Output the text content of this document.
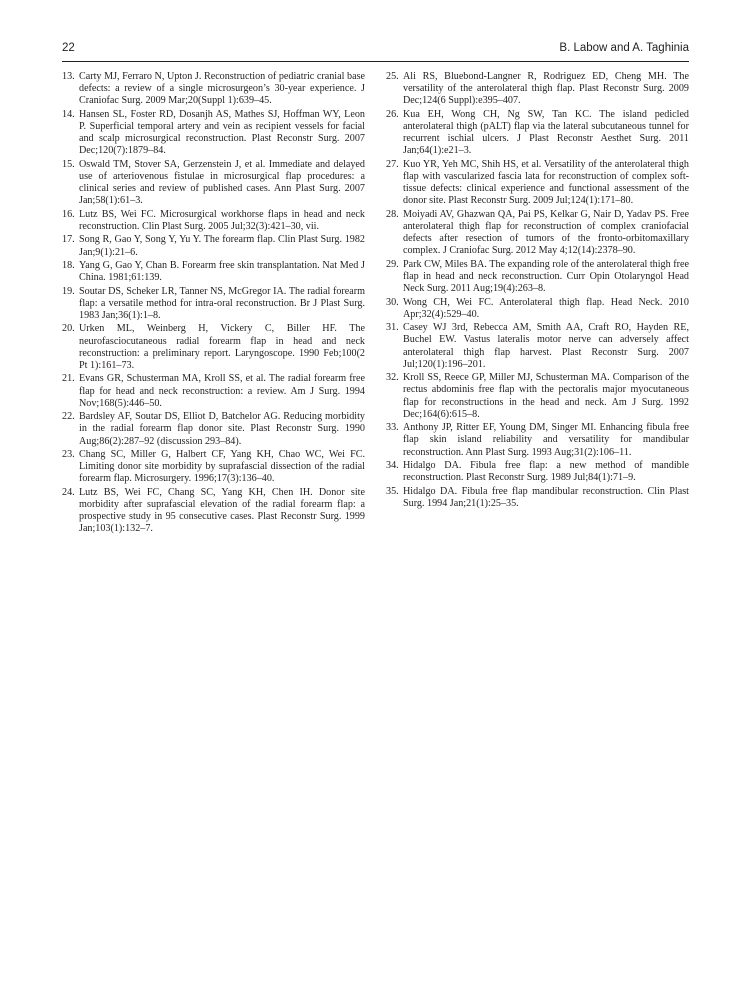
22	B. Labow and A. Taghinia
13. Carty MJ, Ferraro N, Upton J. Reconstruction of pediatric cranial base defects: a review of a single microsurgeon’s 30-year experience. J Craniofac Surg. 2009 Mar;20(Suppl 1):639–45.
14. Hansen SL, Foster RD, Dosanjh AS, Mathes SJ, Hoffman WY, Leon P. Superficial temporal artery and vein as recipient vessels for facial and scalp microsurgical reconstruction. Plast Reconstr Surg. 2007 Dec;120(7):1879–84.
15. Oswald TM, Stover SA, Gerzenstein J, et al. Immediate and delayed use of arteriovenous fistulae in microsurgical flap procedures: a clinical series and review of published cases. Ann Plast Surg. 2007 Jan;58(1):61–3.
16. Lutz BS, Wei FC. Microsurgical workhorse flaps in head and neck reconstruction. Clin Plast Surg. 2005 Jul;32(3):421–30, vii.
17. Song R, Gao Y, Song Y, Yu Y. The forearm flap. Clin Plast Surg. 1982 Jan;9(1):21–6.
18. Yang G, Gao Y, Chan B. Forearm free skin transplantation. Nat Med J China. 1981;61:139.
19. Soutar DS, Scheker LR, Tanner NS, McGregor IA. The radial forearm flap: a versatile method for intra-oral reconstruction. Br J Plast Surg. 1983 Jan;36(1):1–8.
20. Urken ML, Weinberg H, Vickery C, Biller HF. The neurofasciocutaneous radial forearm flap in head and neck reconstruction: a preliminary report. Laryngoscope. 1990 Feb;100(2 Pt 1):161–73.
21. Evans GR, Schusterman MA, Kroll SS, et al. The radial forearm free flap for head and neck reconstruction: a review. Am J Surg. 1994 Nov;168(5):446–50.
22. Bardsley AF, Soutar DS, Elliot D, Batchelor AG. Reducing morbidity in the radial forearm flap donor site. Plast Reconstr Surg. 1990 Aug;86(2):287–92 (discussion 293–84).
23. Chang SC, Miller G, Halbert CF, Yang KH, Chao WC, Wei FC. Limiting donor site morbidity by suprafascial dissection of the radial forearm flap. Microsurgery. 1996;17(3):136–40.
24. Lutz BS, Wei FC, Chang SC, Yang KH, Chen IH. Donor site morbidity after suprafascial elevation of the radial forearm flap: a prospective study in 95 consecutive cases. Plast Reconstr Surg. 1999 Jan;103(1):132–7.
25. Ali RS, Bluebond-Langner R, Rodriguez ED, Cheng MH. The versatility of the anterolateral thigh flap. Plast Reconstr Surg. 2009 Dec;124(6 Suppl):e395–407.
26. Kua EH, Wong CH, Ng SW, Tan KC. The island pedicled anterolateral thigh (pALT) flap via the lateral subcutaneous tunnel for recurrent ischial ulcers. J Plast Reconstr Aesthet Surg. 2011 Jan;64(1):e21–3.
27. Kuo YR, Yeh MC, Shih HS, et al. Versatility of the anterolateral thigh flap with vascularized fascia lata for reconstruction of complex soft-tissue defects: clinical experience and functional assessment of the donor site. Plast Reconstr Surg. 2009 Jul;124(1):171–80.
28. Moiyadi AV, Ghazwan QA, Pai PS, Kelkar G, Nair D, Yadav PS. Free anterolateral thigh flap for reconstruction of complex craniofacial defects after resection of tumors of the fronto-orbitomaxillary complex. J Craniofac Surg. 2012 May 4;12(14):2378–90.
29. Park CW, Miles BA. The expanding role of the anterolateral thigh free flap in head and neck reconstruction. Curr Opin Otolaryngol Head Neck Surg. 2011 Aug;19(4):263–8.
30. Wong CH, Wei FC. Anterolateral thigh flap. Head Neck. 2010 Apr;32(4):529–40.
31. Casey WJ 3rd, Rebecca AM, Smith AA, Craft RO, Hayden RE, Buchel EW. Vastus lateralis motor nerve can adversely affect anterolateral thigh flap harvest. Plast Reconstr Surg. 2007 Jul;120(1):196–201.
32. Kroll SS, Reece GP, Miller MJ, Schusterman MA. Comparison of the rectus abdominis free flap with the pectoralis major myocutaneous flap for reconstructions in the head and neck. Am J Surg. 1992 Dec;164(6):615–8.
33. Anthony JP, Ritter EF, Young DM, Singer MI. Enhancing fibula free flap skin island reliability and versatility for mandibular reconstruction. Ann Plast Surg. 1993 Aug;31(2):106–11.
34. Hidalgo DA. Fibula free flap: a new method of mandible reconstruction. Plast Reconstr Surg. 1989 Jul;84(1):71–9.
35. Hidalgo DA. Fibula free flap mandibular reconstruction. Clin Plast Surg. 1994 Jan;21(1):25–35.
